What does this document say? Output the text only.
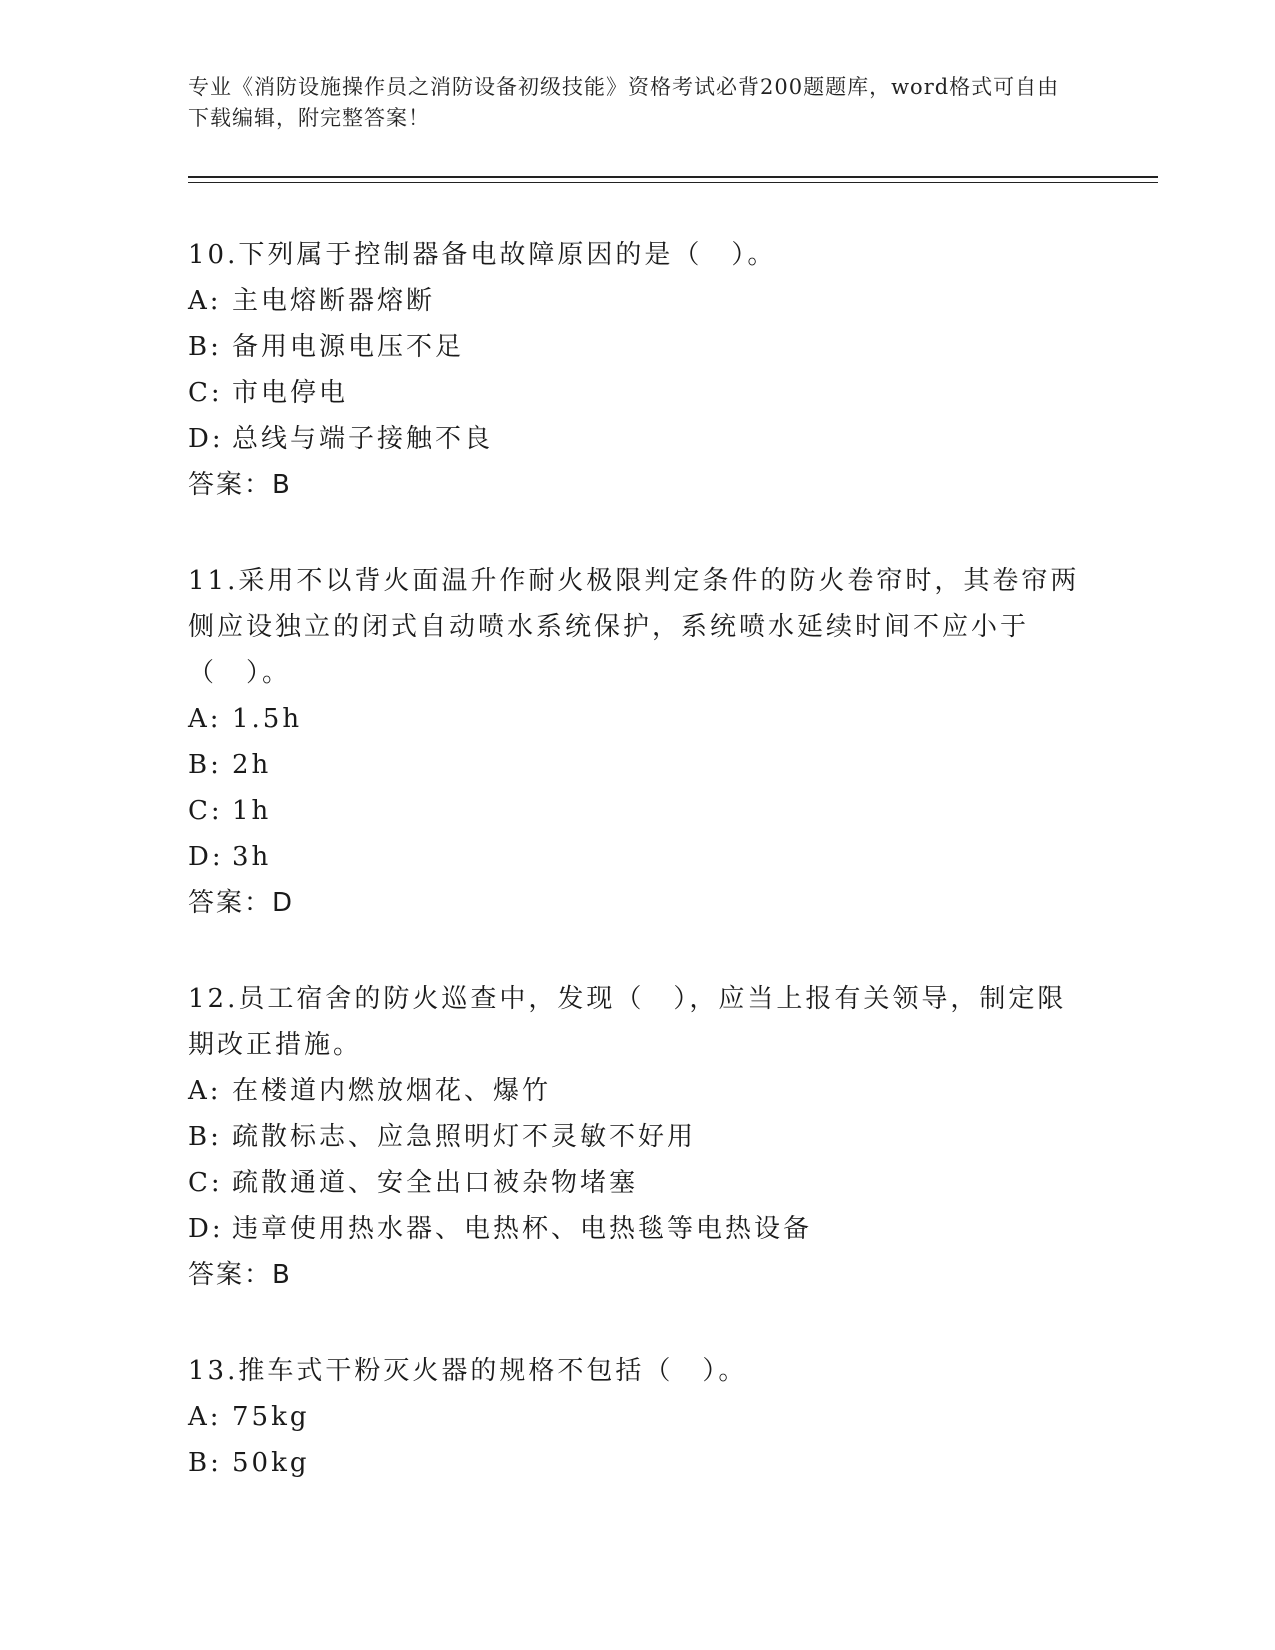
专业《消防设施操作员之消防设备初级技能》资格考试必背200题题库，word格式可自由下载编辑，附完整答案！

10.下列属于控制器备电故障原因的是（　）。

A: 主电熔断器熔断

B: 备用电源电压不足

C: 市电停电

D: 总线与端子接触不良

答案：B

11.采用不以背火面温升作耐火极限判定条件的防火卷帘时，其卷帘两侧应设独立的闭式自动喷水系统保护，系统喷水延续时间不应小于（　）。

A: 1.5h

B: 2h

C: 1h

D: 3h

答案：D

12.员工宿舍的防火巡查中，发现（　），应当上报有关领导，制定限期改正措施。

A: 在楼道内燃放烟花、爆竹

B: 疏散标志、应急照明灯不灵敏不好用

C: 疏散通道、安全出口被杂物堵塞

D: 违章使用热水器、电热杯、电热毯等电热设备

答案：B

13.推车式干粉灭火器的规格不包括（　）。

A: 75kg

B: 50kg
